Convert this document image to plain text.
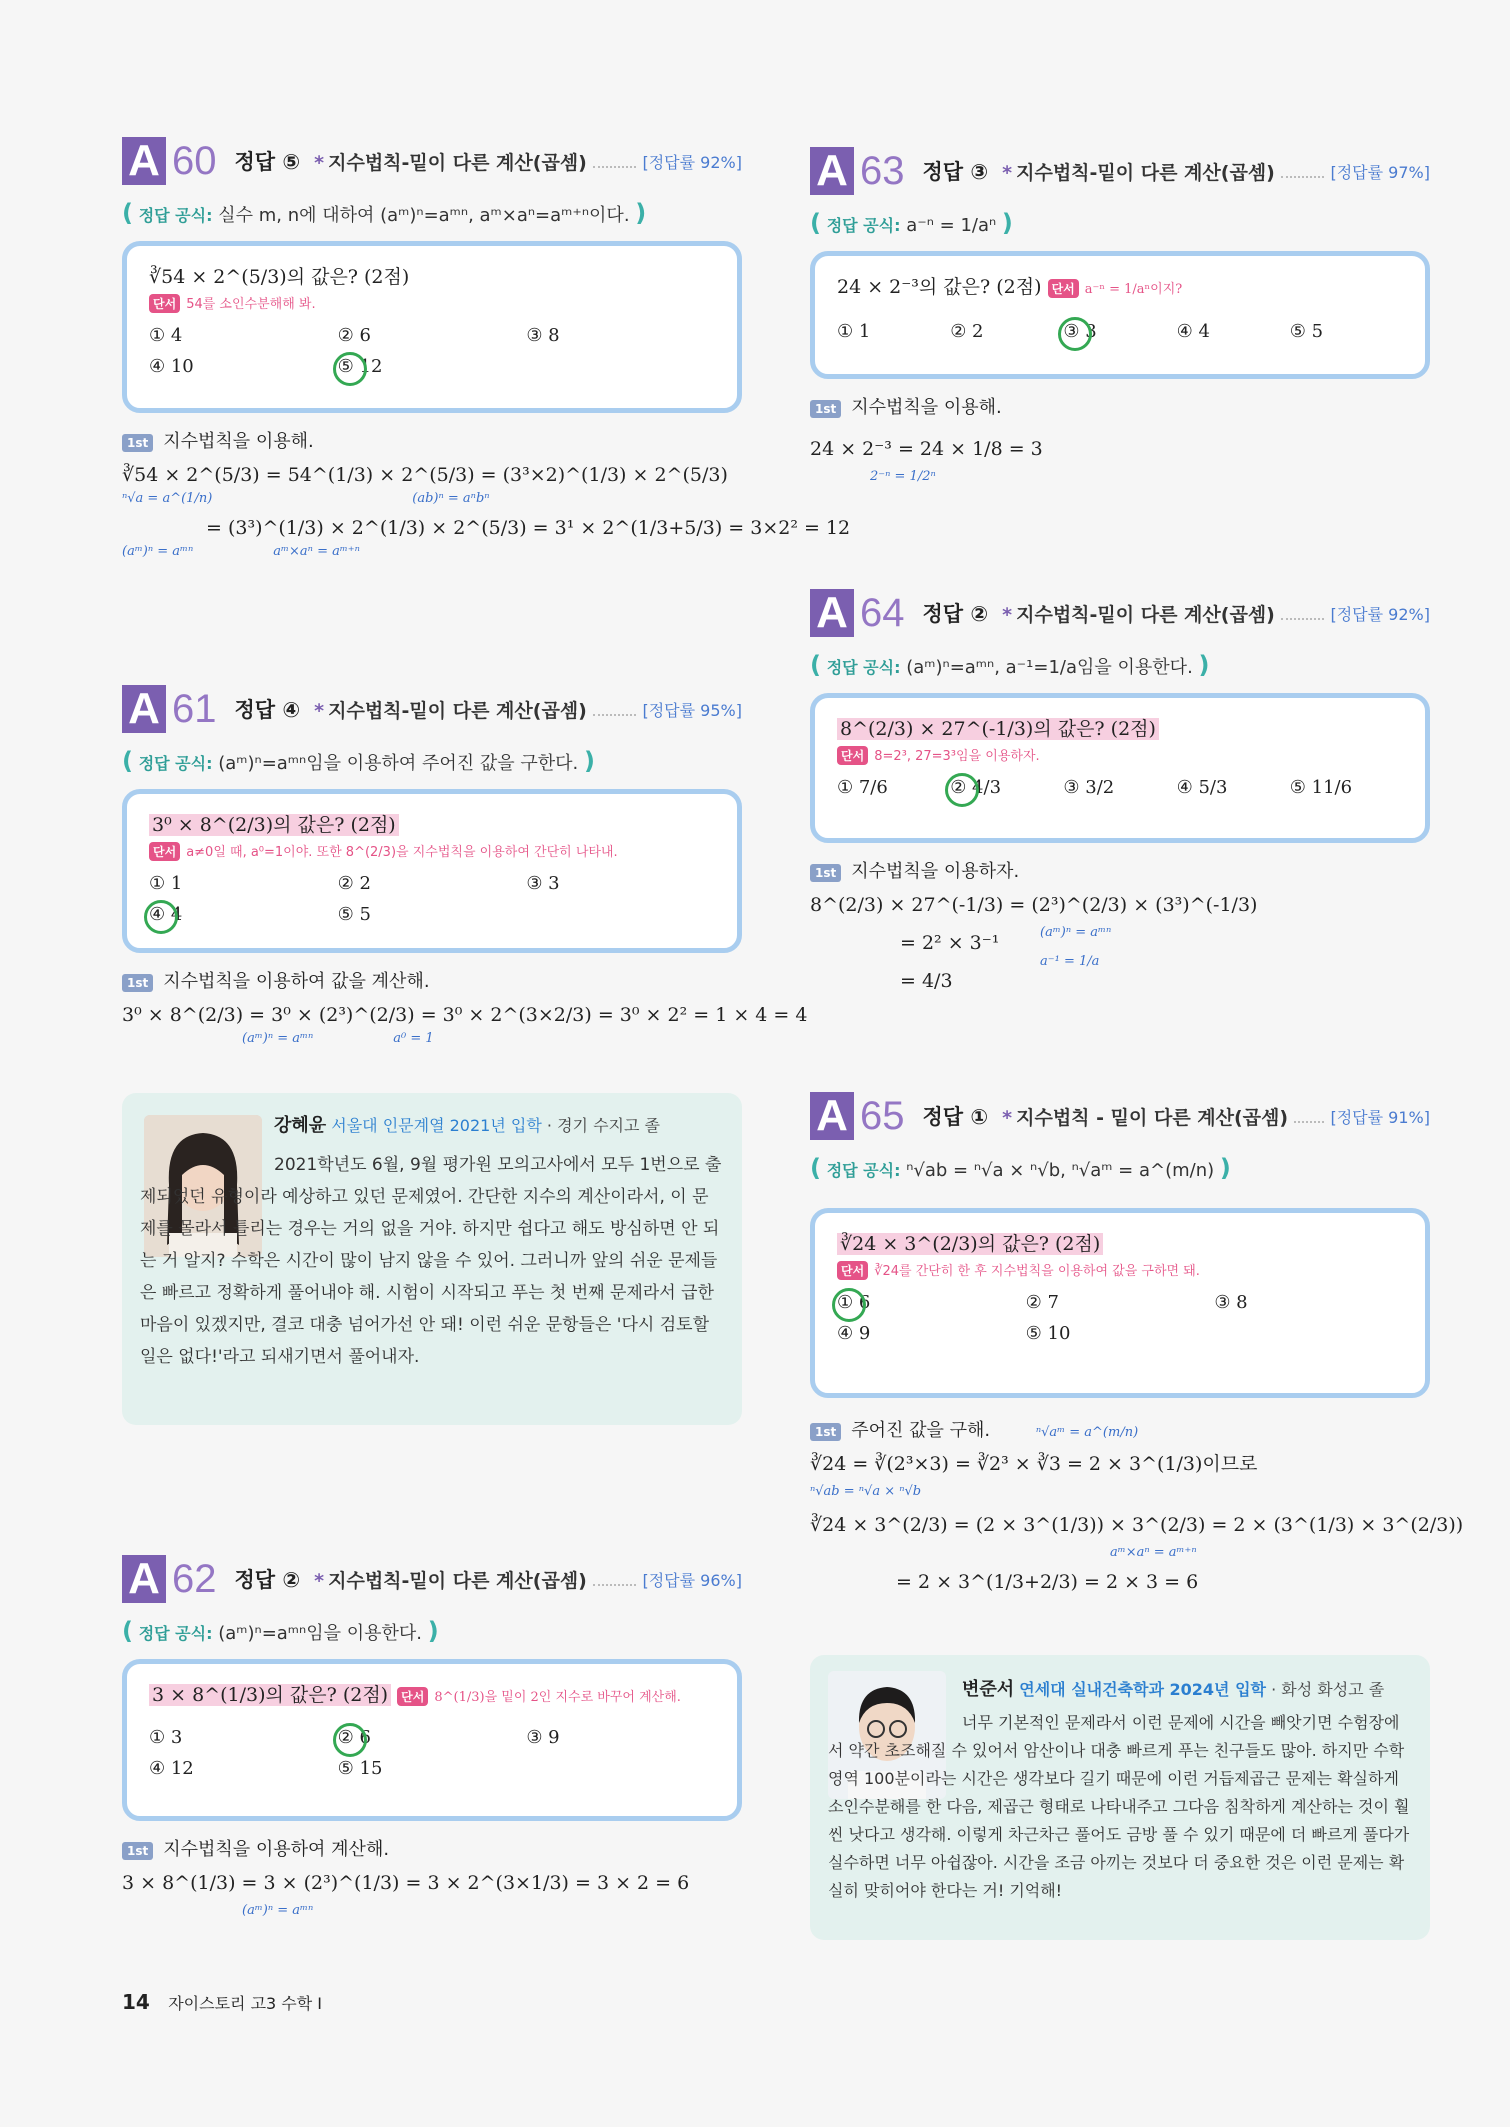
A 60 정답 ⑤ * 지수법칙-밑이 다른 계산(곱셈)	[정답률 92%]
( 정답 공식: 실수 m, n에 대하여 (aᵐ)ⁿ=aᵐⁿ, aᵐ×aⁿ=aᵐ⁺ⁿ이다. )
∛54 × 2^(5/3)의 값은? (2점)
단서 54를 소인수분해해 봐.
① 4	② 6	③ 8
④ 10	⑤ 12
1st 지수법칙을 이용해.
∛54 × 2^(5/3) = 54^(1/3) × 2^(5/3) = (3³×2)^(1/3) × 2^(5/3)
ⁿ√a = a^(1/n)	(ab)ⁿ = aⁿbⁿ
= (3³)^(1/3) × 2^(1/3) × 2^(5/3) = 3¹ × 2^(1/3+5/3) = 3×2² = 12
(aᵐ)ⁿ = aᵐⁿ	aᵐ×aⁿ = aᵐ⁺ⁿ
A 61 정답 ④ * 지수법칙-밑이 다른 계산(곱셈)	[정답률 95%]
( 정답 공식: (aᵐ)ⁿ=aᵐⁿ임을 이용하여 주어진 값을 구한다. )
3⁰ × 8^(2/3)의 값은? (2점)
단서 a≠0일 때, a⁰=1이야. 또한 8^(2/3)을 지수법칙을 이용하여 간단히 나타내.
① 1	② 2	③ 3
④ 4	⑤ 5
1st 지수법칙을 이용하여 값을 계산해.
3⁰ × 8^(2/3) = 3⁰ × (2³)^(2/3) = 3⁰ × 2^(3×2/3) = 3⁰ × 2² = 1 × 4 = 4
(aᵐ)ⁿ = aᵐⁿ	a⁰ = 1
강혜윤 서울대 인문계열 2021년 입학 · 경기 수지고 졸
2021학년도 6월, 9월 평가원 모의고사에서 모두 1번으로 출제되었던 유형이라 예상하고 있던 문제였어. 간단한 지수의 계산이라서, 이 문제를 몰라서 틀리는 경우는 거의 없을 거야. 하지만 쉽다고 해도 방심하면 안 되는 거 알지? 수학은 시간이 많이 남지 않을 수 있어. 그러니까 앞의 쉬운 문제들은 빠르고 정확하게 풀어내야 해. 시험이 시작되고 푸는 첫 번째 문제라서 급한 마음이 있겠지만, 결코 대충 넘어가선 안 돼! 이런 쉬운 문항들은 '다시 검토할 일은 없다!'라고 되새기면서 풀어내자.
A 62 정답 ② * 지수법칙-밑이 다른 계산(곱셈)	[정답률 96%]
( 정답 공식: (aᵐ)ⁿ=aᵐⁿ임을 이용한다. )
3 × 8^(1/3)의 값은? (2점) 단서 8^(1/3)을 밑이 2인 지수로 바꾸어 계산해.
① 3	② 6	③ 9
④ 12	⑤ 15
1st 지수법칙을 이용하여 계산해.
3 × 8^(1/3) = 3 × (2³)^(1/3) = 3 × 2^(3×1/3) = 3 × 2 = 6
(aᵐ)ⁿ = aᵐⁿ
A 63 정답 ③ * 지수법칙-밑이 다른 계산(곱셈)	[정답률 97%]
( 정답 공식: a⁻ⁿ = 1/aⁿ )
24 × 2⁻³의 값은? (2점) 단서 a⁻ⁿ = 1/aⁿ이지?
① 1	② 2	③ 3	④ 4	⑤ 5
1st 지수법칙을 이용해.
24 × 2⁻³ = 24 × 1/8 = 3
2⁻ⁿ = 1/2ⁿ
A 64 정답 ② * 지수법칙-밑이 다른 계산(곱셈)	[정답률 92%]
( 정답 공식: (aᵐ)ⁿ=aᵐⁿ, a⁻¹=1/a임을 이용한다. )
8^(2/3) × 27^(-1/3)의 값은? (2점)
단서 8=2³, 27=3³임을 이용하자.
① 7/6	② 4/3	③ 3/2	④ 5/3	⑤ 11/6
1st 지수법칙을 이용하자.
8^(2/3) × 27^(-1/3) = (2³)^(2/3) × (3³)^(-1/3)
= 2² × 3⁻¹
= 4/3
(aᵐ)ⁿ = aᵐⁿ
a⁻¹ = 1/a
A 65 정답 ① * 지수법칙 - 밑이 다른 계산(곱셈)	[정답률 91%]
( 정답 공식: ⁿ√ab = ⁿ√a × ⁿ√b, ⁿ√aᵐ = a^(m/n) )
∛24 × 3^(2/3)의 값은? (2점)
단서 ∛24를 간단히 한 후 지수법칙을 이용하여 값을 구하면 돼.
① 6	② 7	③ 8
④ 9	⑤ 10
1st 주어진 값을 구해.	ⁿ√aᵐ = a^(m/n)
∛24 = ∛(2³×3) = ∛2³ × ∛3 = 2 × 3^(1/3)이므로
ⁿ√ab = ⁿ√a × ⁿ√b
∛24 × 3^(2/3) = (2 × 3^(1/3)) × 3^(2/3) = 2 × (3^(1/3) × 3^(2/3))
aᵐ×aⁿ = aᵐ⁺ⁿ
= 2 × 3^(1/3+2/3) = 2 × 3 = 6
변준서 연세대 실내건축학과 2024년 입학 · 화성 화성고 졸
너무 기본적인 문제라서 이런 문제에 시간을 빼앗기면 수험장에서 약간 초조해질 수 있어서 암산이나 대충 빠르게 푸는 친구들도 많아. 하지만 수학 영역 100분이라는 시간은 생각보다 길기 때문에 이런 거듭제곱근 문제는 확실하게 소인수분해를 한 다음, 제곱근 형태로 나타내주고 그다음 침착하게 계산하는 것이 훨씬 낫다고 생각해. 이렇게 차근차근 풀어도 금방 풀 수 있기 때문에 더 빠르게 풀다가 실수하면 너무 아쉽잖아. 시간을 조금 아끼는 것보다 더 중요한 것은 이런 문제는 확실히 맞히어야 한다는 거! 기억해!
14 자이스토리 고3 수학 I
